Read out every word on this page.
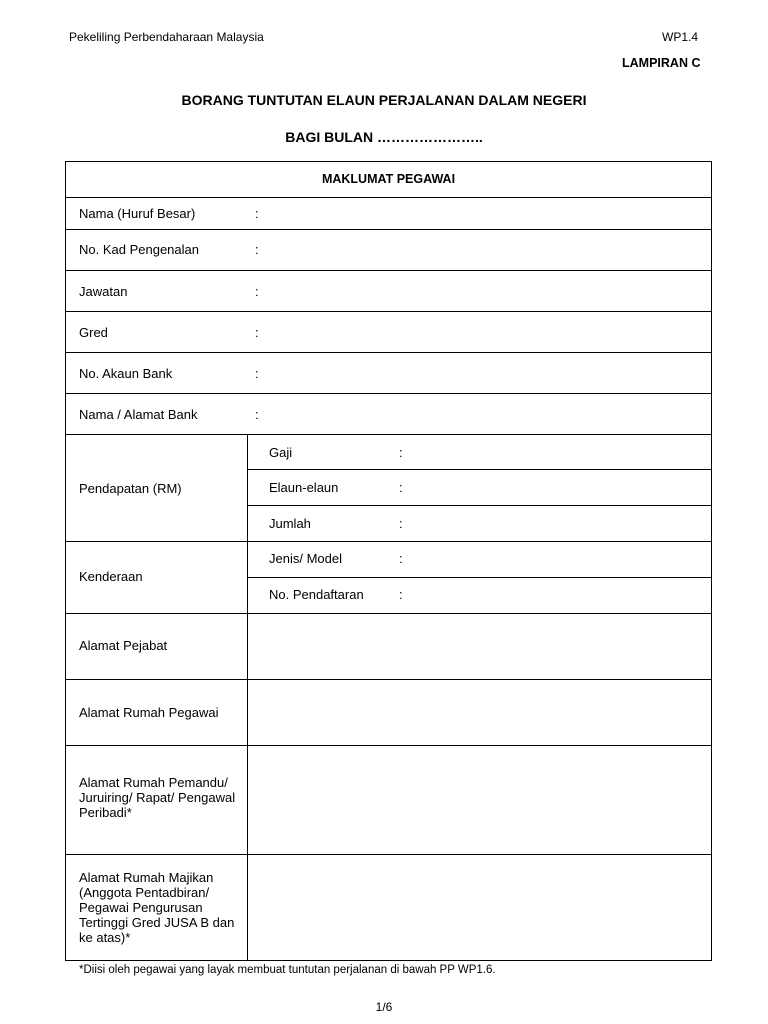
Pekeliling Perbendaharaan Malaysia	WP1.4
LAMPIRAN C
BORANG TUNTUTAN ELAUN PERJALANAN DALAM NEGERI
BAGI BULAN …………………..
MAKLUMAT PEGAWAI
Nama (Huruf Besar)	:
No. Kad Pengenalan	:
Jawatan	:
Gred	:
No. Akaun Bank	:
Nama / Alamat Bank	:
Pendapatan (RM)
Gaji	:
Elaun-elaun	:
Jumlah	:
Kenderaan
Jenis/ Model	:
No. Pendaftaran	:
Alamat Pejabat
Alamat Rumah Pegawai
Alamat Rumah Pemandu/ Juruiring/ Rapat/ Pengawal Peribadi*
Alamat Rumah Majikan (Anggota Pentadbiran/ Pegawai Pengurusan Tertinggi Gred JUSA B dan ke atas)*
*Diisi oleh pegawai yang layak membuat tuntutan perjalanan di bawah PP WP1.6.
1/6
